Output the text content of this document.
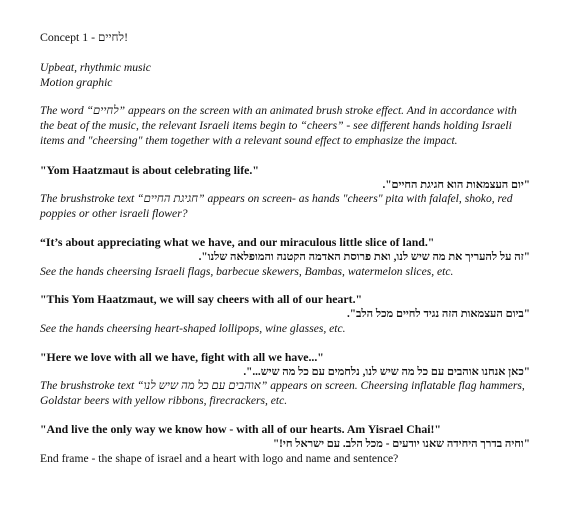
Concept 1 - לחיים!

Upbeat, rhythmic music
Motion graphic

The word “לחיים” appears on the screen with an animated brush stroke effect. And in accordance with the beat of the music, the relevant Israeli items begin to “cheers” - see different hands holding Israeli items and "cheersing" them together with a relevant sound effect to emphasize the impact.

"Yom Haatzmaut is about celebrating life."

"יום העצמאות הוא חגיגת החיים".

The brushstroke text “חגיגת החיים” appears on screen- as hands "cheers" pita with falafel, shoko, red poppies or other israeli flower?

“It’s about appreciating what we have, and our miraculous little slice of land."

"זה על להעריך את מה שיש לנו, ואת פרוסת האדמה הקטנה והמופלאה שלנו".

See the hands cheersing Israeli flags, barbecue skewers, Bambas, watermelon slices, etc.

"This Yom Haatzmaut, we will say cheers with all of our heart."

"ביום העצמאות הזה נגיד לחיים מכל הלב".

See the hands cheersing heart-shaped lollipops, wine glasses, etc.

"Here we love with all we have, fight with all we have..."

"כאן אנחנו אוהבים עם כל מה שיש לנו, נלחמים עם כל מה שיש...".

The brushstroke text “אוהבים עם כל מה שיש לנו” appears on screen. Cheersing inflatable flag hammers, Goldstar beers with yellow ribbons, firecrackers, etc.

"And live the only way we know how - with all of our hearts. Am Yisrael Chai!"

"וחיה בדרך היחידה שאנו יודעים - מכל הלב. עם ישראל חי!"

End frame - the shape of israel and a heart with logo and name and sentence?
